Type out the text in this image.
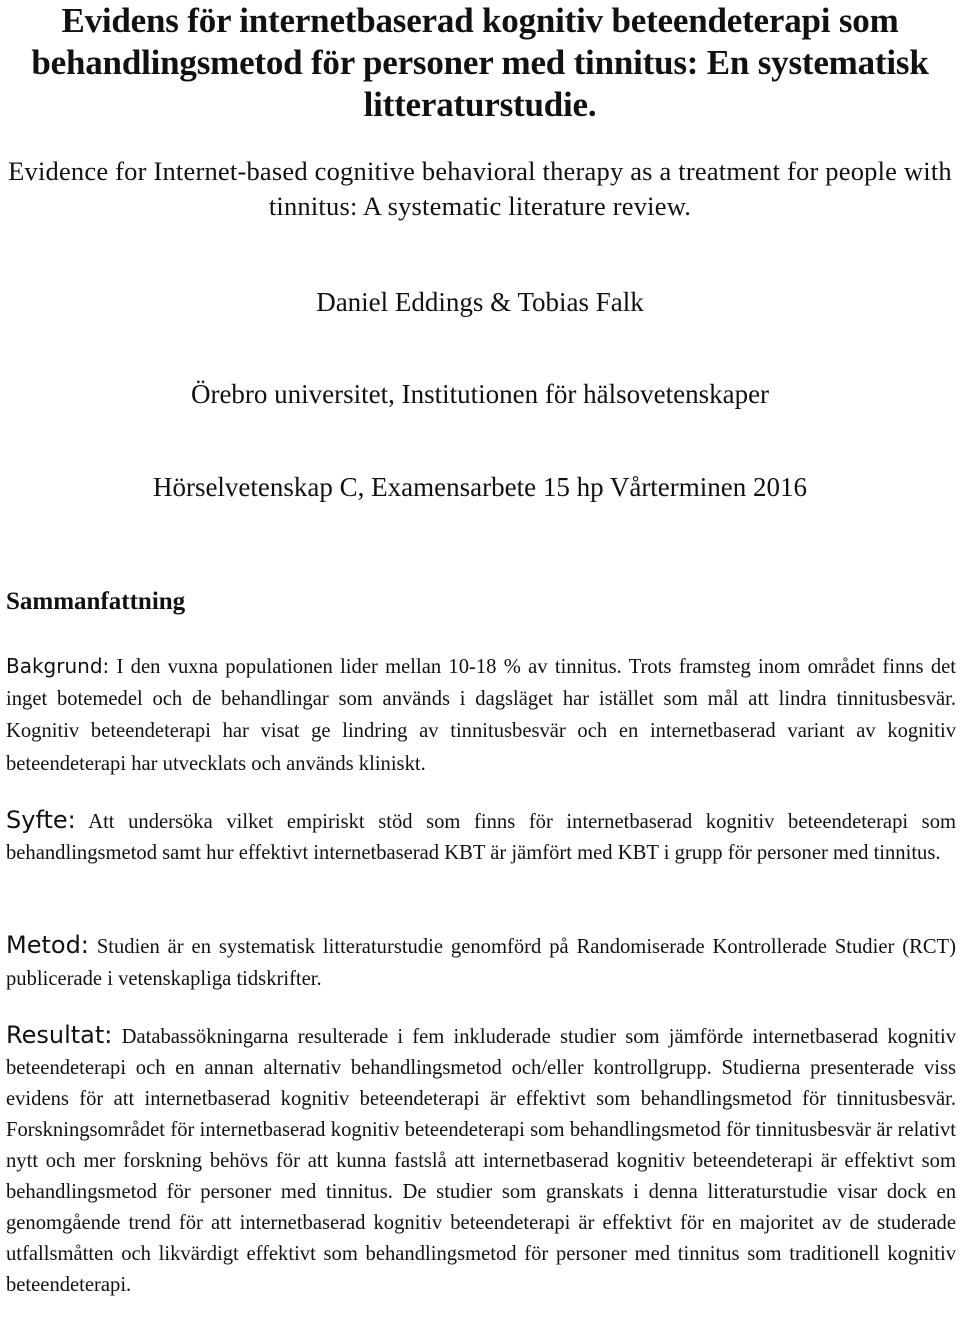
Evidens för internetbaserad kognitiv beteendeterapi som behandlingsmetod för personer med tinnitus: En systematisk litteraturstudie.

Evidence for Internet-based cognitive behavioral therapy as a treatment for people with tinnitus: A systematic literature review.

Daniel Eddings & Tobias Falk

Örebro universitet, Institutionen för hälsovetenskaper

Hörselvetenskap C, Examensarbete 15 hp Vårterminen 2016

Sammanfattning

Bakgrund: I den vuxna populationen lider mellan 10-18 % av tinnitus. Trots framsteg inom området finns det inget botemedel och de behandlingar som används i dagsläget har istället som mål att lindra tinnitusbesvär. Kognitiv beteendeterapi har visat ge lindring av tinnitusbesvär och en internetbaserad variant av kognitiv beteendeterapi har utvecklats och används kliniskt.

Syfte: Att undersöka vilket empiriskt stöd som finns för internetbaserad kognitiv beteendeterapi som behandlingsmetod samt hur effektivt internetbaserad KBT är jämfört med KBT i grupp för personer med tinnitus.

Metod: Studien är en systematisk litteraturstudie genomförd på Randomiserade Kontrollerade Studier (RCT) publicerade i vetenskapliga tidskrifter.

Resultat: Databassökningarna resulterade i fem inkluderade studier som jämförde internetbaserad kognitiv beteendeterapi och en annan alternativ behandlingsmetod och/eller kontrollgrupp. Studierna presenterade viss evidens för att internetbaserad kognitiv beteendeterapi är effektivt som behandlingsmetod för tinnitusbesvär. Forskningsområdet för internetbaserad kognitiv beteendeterapi som behandlingsmetod för tinnitusbesvär är relativt nytt och mer forskning behövs för att kunna fastslå att internetbaserad kognitiv beteendeterapi är effektivt som behandlingsmetod för personer med tinnitus. De studier som granskats i denna litteraturstudie visar dock en genomgående trend för att internetbaserad kognitiv beteendeterapi är effektivt för en majoritet av de studerade utfallsmåtten och likvärdigt effektivt som behandlingsmetod för personer med tinnitus som traditionell kognitiv beteendeterapi.
